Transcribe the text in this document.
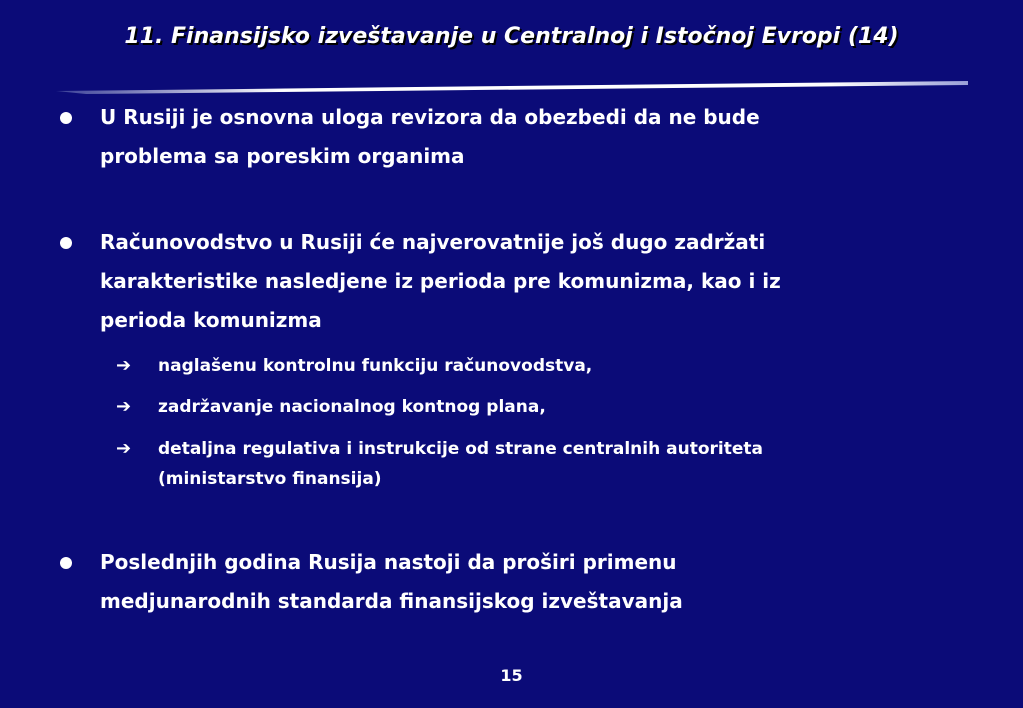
11. Finansijsko izveštavanje u Centralnoj i Istočnoj Evropi (14)
U Rusiji je osnovna uloga revizora da obezbedi da ne bude
problema sa poreskim organima
Računovodstvo u Rusiji će najverovatnije još dugo zadržati
karakteristike nasledjene iz perioda pre komunizma, kao i iz
perioda komunizma
➔ naglašenu kontrolnu funkciju računovodstva,
➔ zadržavanje nacionalnog kontnog plana,
➔ detaljna regulativa i instrukcije od strane centralnih autoriteta
(ministarstvo finansija)
Poslednjih godina Rusija nastoji da proširi primenu
medjunarodnih standarda finansijskog izveštavanja
15
